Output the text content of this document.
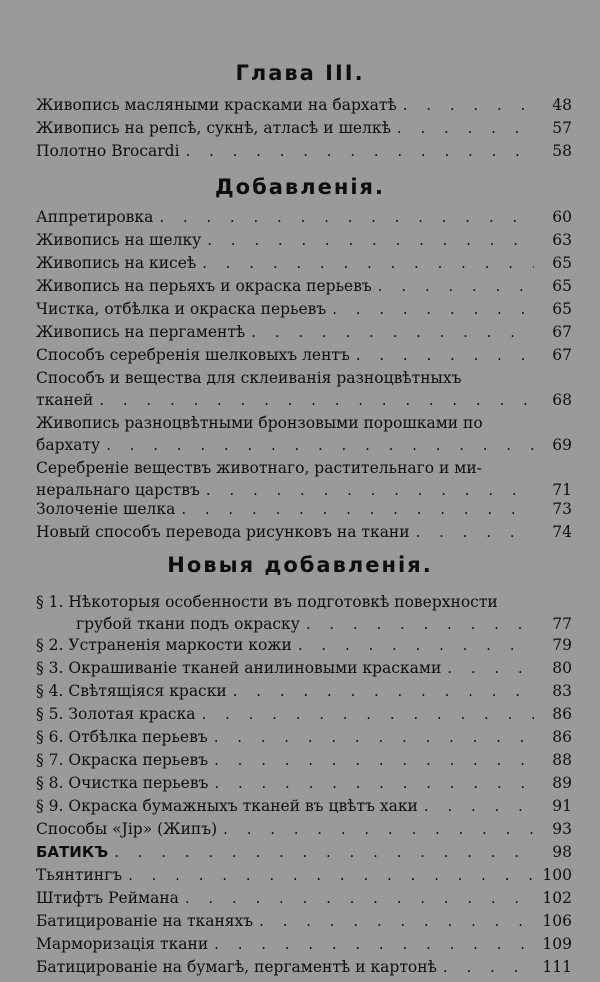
Глава III.
Живопись масляными красками на бархатѣ . . .	48
Живопись на репсѣ, сукнѣ, атласѣ и шелкѣ . . .	57
Полотно Brocardi . . .	58
Добавленія.
Аппретировка . . .	60
Живопись на шелку . . .	63
Живопись на кисеѣ . . .	65
Живопись на перьяхъ и окраска перьевъ . . .	65
Чистка, отбѣлка и окраска перьевъ . . .	65
Живопись на пергаментѣ . . .	67
Способъ серебренія шелковыхъ лентъ . . .	67
Способъ и вещества для склеиванія разноцвѣтныхъ
тканей . . .	68
Живопись разноцвѣтными бронзовыми порошками по
бархату . . .	69
Серебреніе веществъ животнаго, растительнаго и ми-
неральнаго царствъ . . .	71
Золоченіе шелка . . .	73
Новый способъ перевода рисунковъ на ткани . . .	74
Новыя добавленія.
§ 1. Нѣкоторыя особенности въ подготовкѣ поверхности
грубой ткани подъ окраску . . .	77
§ 2. Устраненія маркости кожи . . .	79
§ 3. Окрашиваніе тканей анилиновыми красками . . .	80
§ 4. Свѣтящіяся краски . . .	83
§ 5. Золотая краска . . .	86
§ 6. Отбѣлка перьевъ . . .	86
§ 7. Окраска перьевъ . . .	88
§ 8. Очистка перьевъ . . .	89
§ 9. Окраска бумажныхъ тканей въ цвѣтъ хаки . . .	91
Способы «Jip» (Жипъ) . . .	93
БАТИКЪ . . .	98
Тьянтингъ . . .	100
Штифтъ Реймана . . .	102
Батицированіе на тканяхъ . . .	106
Марморизація ткани . . .	109
Батицированіе на бумагѣ, пергаментѣ и картонѣ . . .	111
